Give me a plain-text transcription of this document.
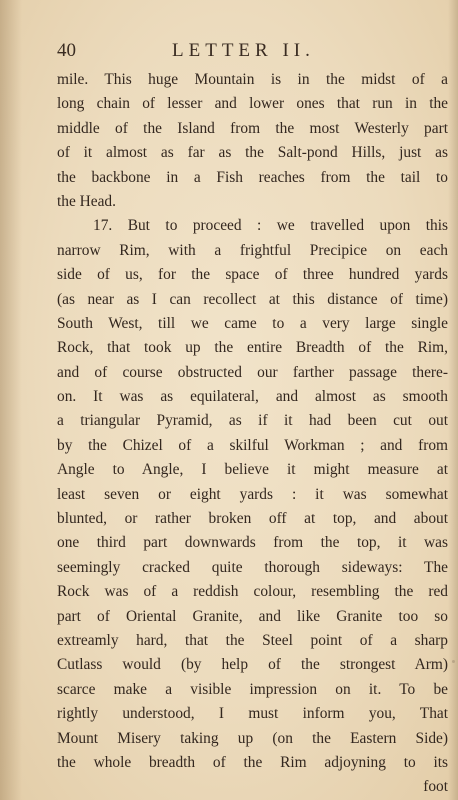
40	LETTER II.
mile. This huge Mountain is in the midst of a
long chain of lesser and lower ones that run in the
middle of the Island from the most Westerly part
of it almost as far as the Salt-pond Hills, just as
the backbone in a Fish reaches from the tail to
the Head.
17. But to proceed : we travelled upon this
narrow Rim, with a frightful Precipice on each
side of us, for the space of three hundred yards
(as near as I can recollect at this distance of time)
South West, till we came to a very large single
Rock, that took up the entire Breadth of the Rim,
and of course obstructed our farther passage there-
on. It was as equilateral, and almost as smooth
a triangular Pyramid, as if it had been cut out
by the Chizel of a skilful Workman ; and from
Angle to Angle, I believe it might measure at
least seven or eight yards : it was somewhat
blunted, or rather broken off at top, and about
one third part downwards from the top, it was
seemingly cracked quite thorough sideways: The
Rock was of a reddish colour, resembling the red
part of Oriental Granite, and like Granite too so
extreamly hard, that the Steel point of a sharp
Cutlass would (by help of the strongest Arm)
scarce make a visible impression on it. To be
rightly understood, I must inform you, That
Mount Misery taking up (on the Eastern Side)
the whole breadth of the Rim adjoyning to its
foot
